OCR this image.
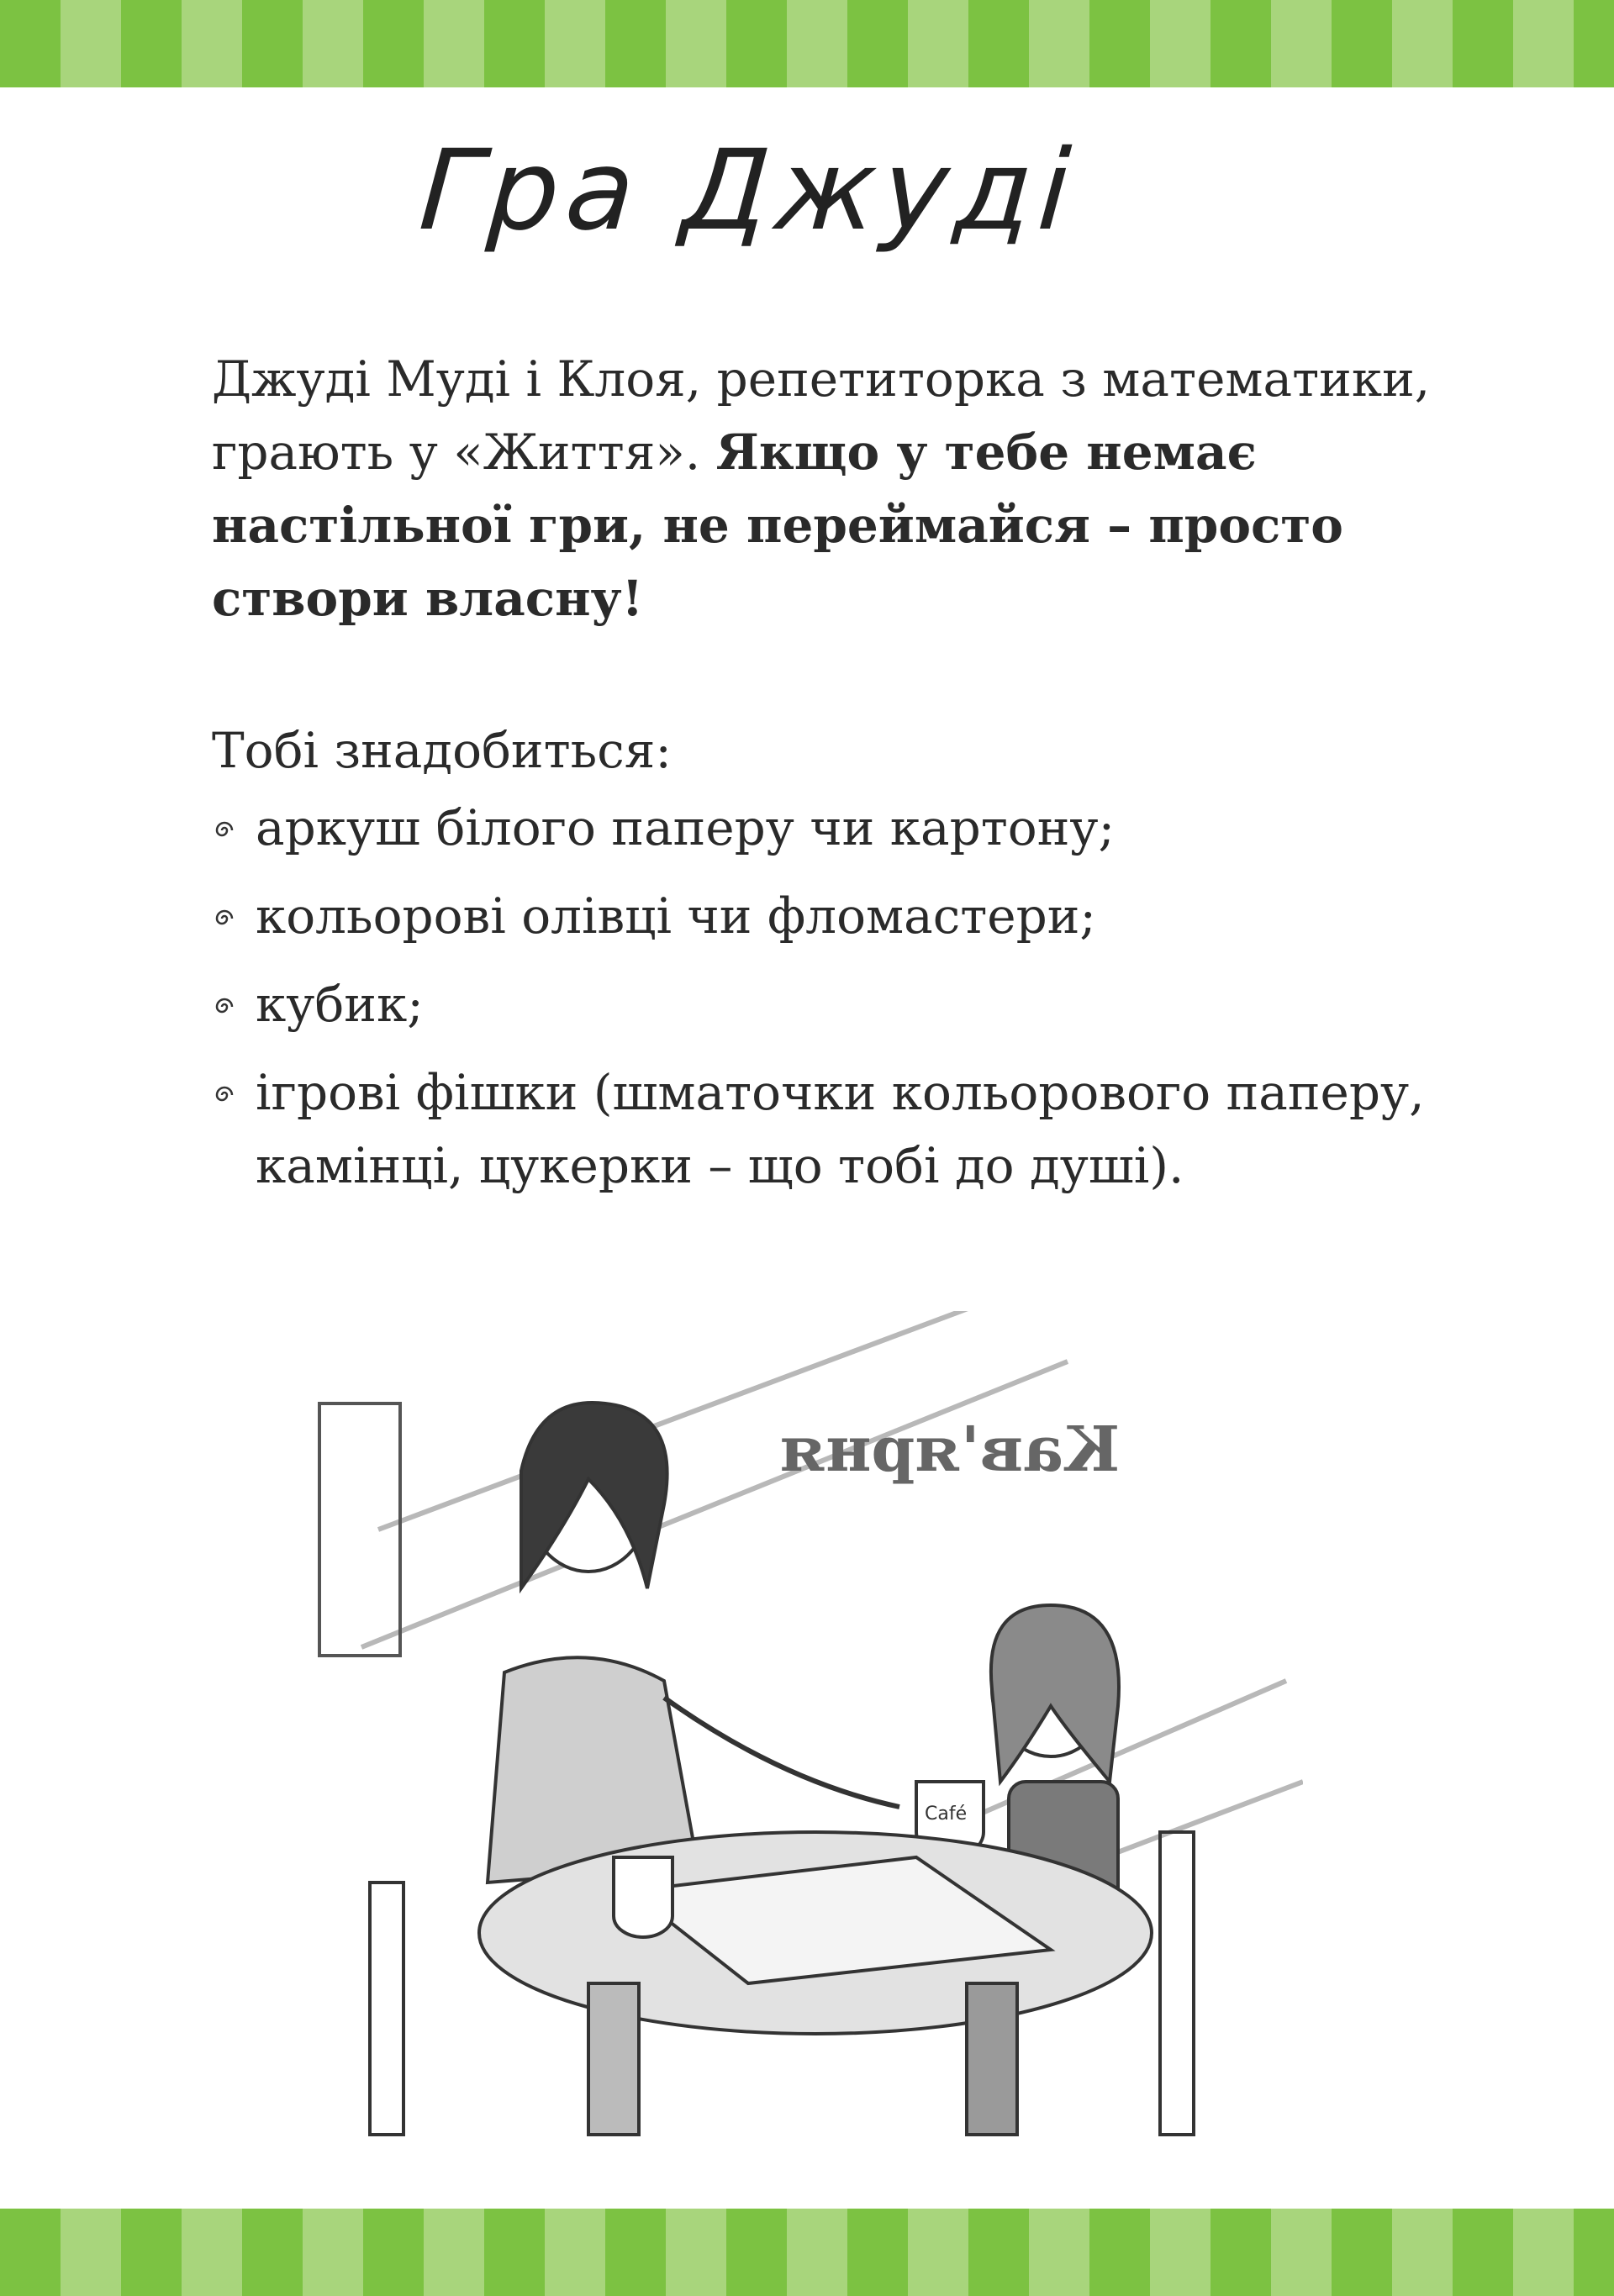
Гра Джуді
Джуді Муді і Клоя, репетиторка з математики, грають у «Життя». Якщо у тебе немає настільної гри, не переймайся – просто створи власну!
Тобі знадобиться:
аркуш білого паперу чи картону;
кольорові олівці чи фломастери;
кубик;
ігрові фішки (шматочки кольорового паперу, камінці, цукерки – що тобі до душі).
Кав'ярня
Café
